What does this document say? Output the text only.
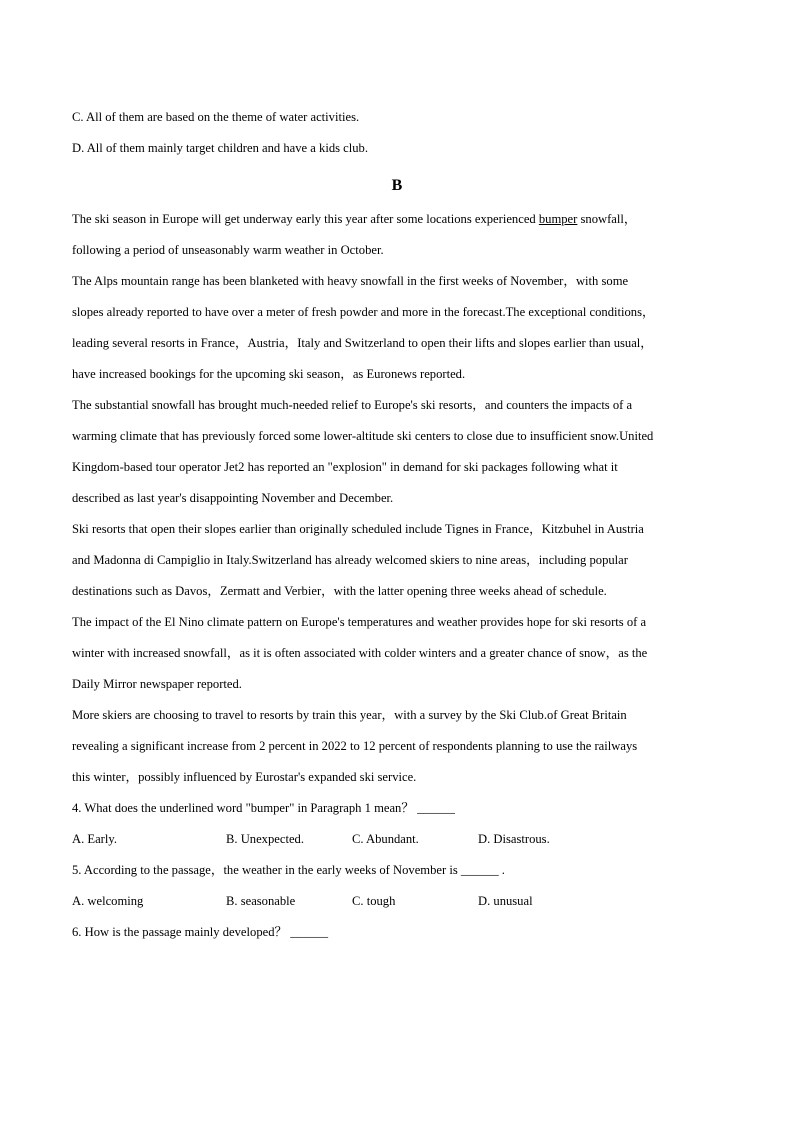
C. All of them are based on the theme of water activities.
D. All of them mainly target children and have a kids club.
B
The ski season in Europe will get underway early this year after some locations experienced bumper snowfall，
following a period of unseasonably warm weather in October.
The Alps mountain range has been blanketed with heavy snowfall in the first weeks of November，with some
slopes already reported to have over a meter of fresh powder and more in the forecast.The exceptional conditions，
leading several resorts in France，Austria，Italy and Switzerland to open their lifts and slopes earlier than usual，
have increased bookings for the upcoming ski season，as Euronews reported.
The substantial snowfall has brought much-needed relief to Europe's ski resorts，and counters the impacts of a
warming climate that has previously forced some lower-altitude ski centers to close due to insufficient snow.United
Kingdom-based tour operator Jet2 has reported an "explosion" in demand for ski packages following what it
described as last year's disappointing November and December.
Ski resorts that open their slopes earlier than originally scheduled include Tignes in France，Kitzbuhel in Austria
and Madonna di Campiglio in Italy.Switzerland has already welcomed skiers to nine areas，including popular
destinations such as Davos，Zermatt and Verbier，with the latter opening three weeks ahead of schedule.
The impact of the El Nino climate pattern on Europe's temperatures and weather provides hope for ski resorts of a
winter with increased snowfall，as it is often associated with colder winters and a greater chance of snow，as the
Daily Mirror newspaper reported.
More skiers are choosing to travel to resorts by train this year，with a survey by the Ski Club.of Great Britain
revealing a significant increase from 2 percent in 2022 to 12 percent of respondents planning to use the railways
this winter，possibly influenced by Eurostar's expanded ski service.
4. What does the underlined word "bumper" in Paragraph 1 mean？ ______
A. Early.	B. Unexpected.	C. Abundant.	D. Disastrous.
5. According to the passage，the weather in the early weeks of November is ______ .
A. welcoming	B. seasonable	C. tough	D. unusual
6. How is the passage mainly developed？ ______
